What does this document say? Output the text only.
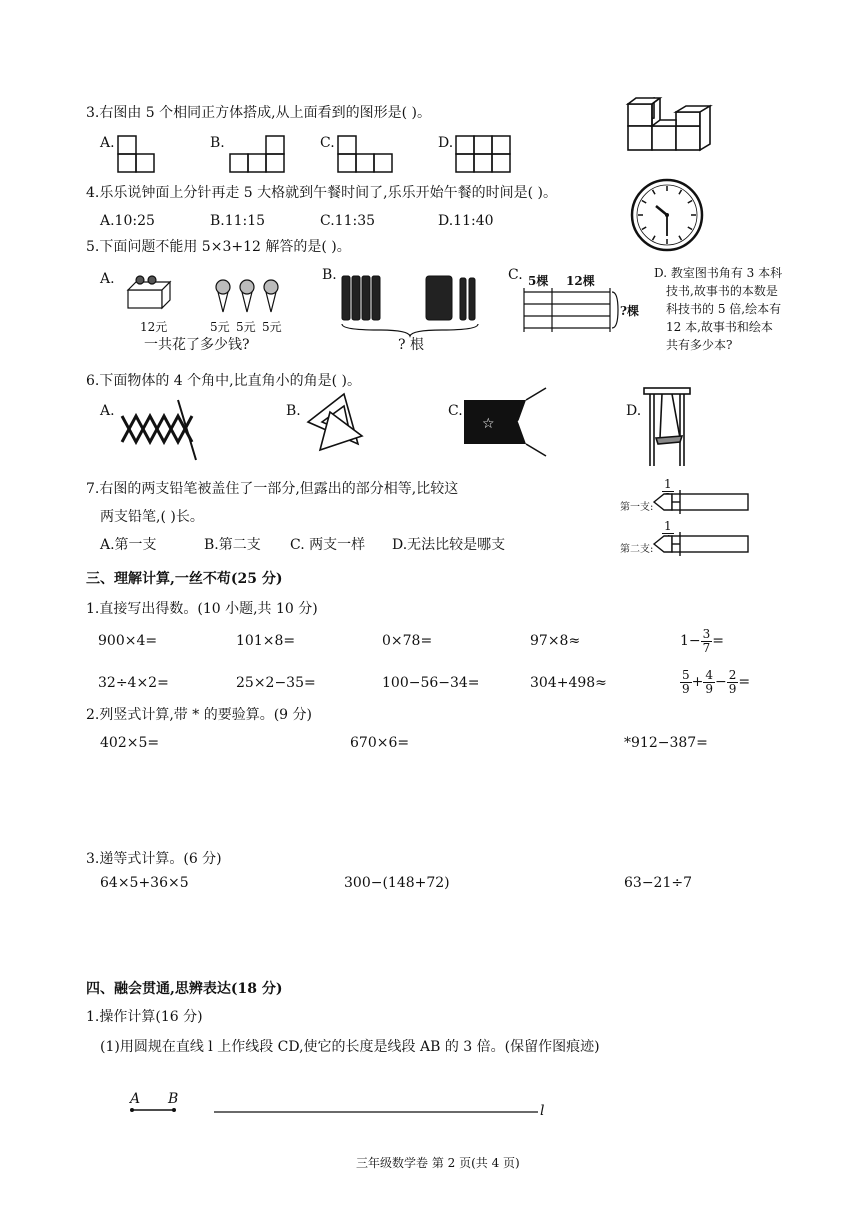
3.右图由 5 个相同正方体搭成,从上面看到的图形是( )。
A.	B.	C.	D.
4.乐乐说钟面上分针再走 5 大格就到午餐时间了,乐乐开始午餐的时间是( )。
A.10:25	B.11:15	C.11:35	D.11:40
5.下面问题不能用 5×3+12 解答的是( )。
A.
12元	5元 5元 5元
一共花了多少钱?
B.
? 根
C. 5棵 12棵
?棵
D. 教室图书角有 3 本科
技书,故事书的本数是
科技书的 5 倍,绘本有
12 本,故事书和绘本
共有多少本?
6.下面物体的 4 个角中,比直角小的角是( )。
A.	B.	C.
☆
D.
7.右图的两支铅笔被盖住了一部分,但露出的部分相等,比较这
两支铅笔,( )长。
A.第一支	B.第二支 C. 两支一样 D.无法比较是哪支
第一支:
1
第二支:
1
三、理解计算,一丝不苟(25 分)
1.直接写出得数。(10 小题,共 10 分)
900×4=	101×8=	0×78=	97×8≈	$1- \frac{3}{7}$ =
32÷4×2=	25×2−35=	100−56−34=	304+498≈	$\frac{5}{9} + \frac{4}{9} - \frac{2}{9}$ =
2.列竖式计算,带 * 的要验算。(9 分)
402×5=	670×6=	*912−387=
3.递等式计算。(6 分)
64×5+36×5	300−(148+72)	63−21÷7
四、融会贯通,思辨表达(18 分)
1.操作计算(16 分)
(1)用圆规在直线 l 上作线段 CD,使它的长度是线段 AB 的 3 倍。(保留作图痕迹)
A B
l
三年级数学卷 第 2 页(共 4 页)
